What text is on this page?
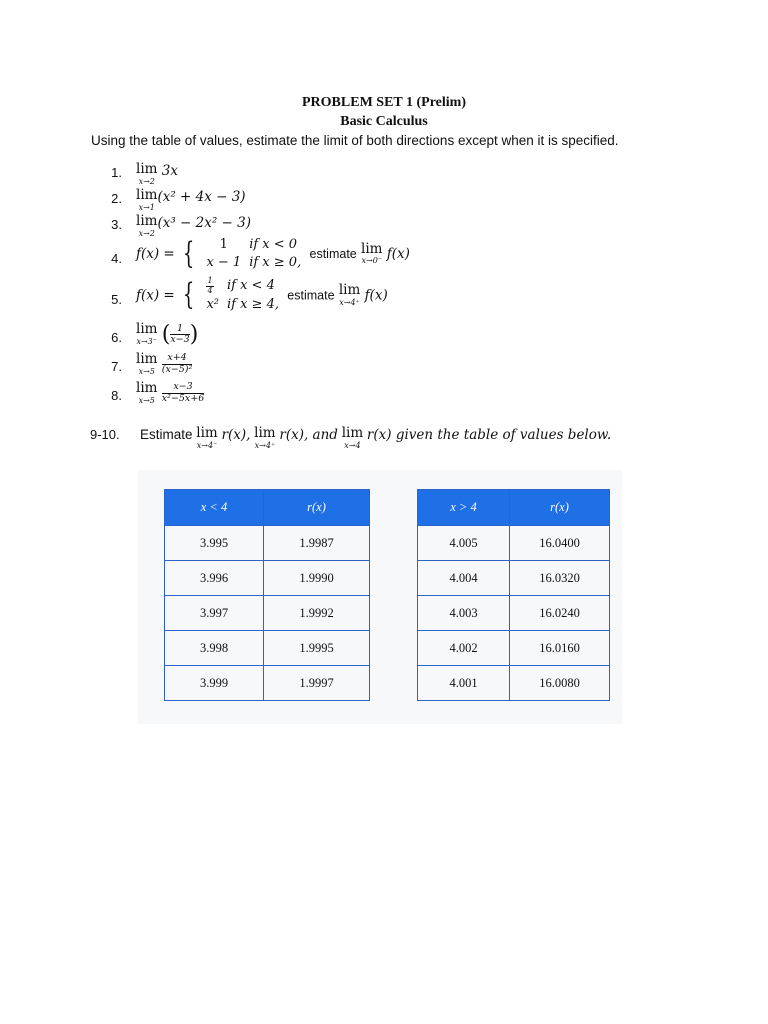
PROBLEM SET 1 (Prelim)
Basic Calculus
Using the table of values, estimate the limit of both directions except when it is specified.
1. lim
x→2
3x
2. lim
x→1
(x² + 4x − 3)
3. lim
x→2
(x³ − 2x² − 3)
4. f(x) = { 1	if x < 0
x − 1	if x ≥ 0, estimate lim
x→0⁻ f(x)
5. f(x) = { $\frac{1}{4}$	if x < 4
x²	if x ≥ 4, estimate lim
x→4⁺ f(x)
6.
lim
x→3⁻ ( $\frac{1}{x-3}$ )
7. lim
x→5
$\frac{x+4}{\text{(x−5)²}}$
8. lim
x→5
$\frac{x-3}{\text{x²−5x+6}}$
9-10. Estimate lim
x→4⁻
r(x), lim
x→4⁺
r(x), and lim
x→4
r(x) given the table of values below.
x < 4	r(x)
3.995	1.9987
3.996	1.9990
3.997	1.9992
3.998	1.9995
3.999	1.9997
x > 4	r(x)
4.005	16.0400
4.004	16.0320
4.003	16.0240
4.002	16.0160
4.001	16.0080
